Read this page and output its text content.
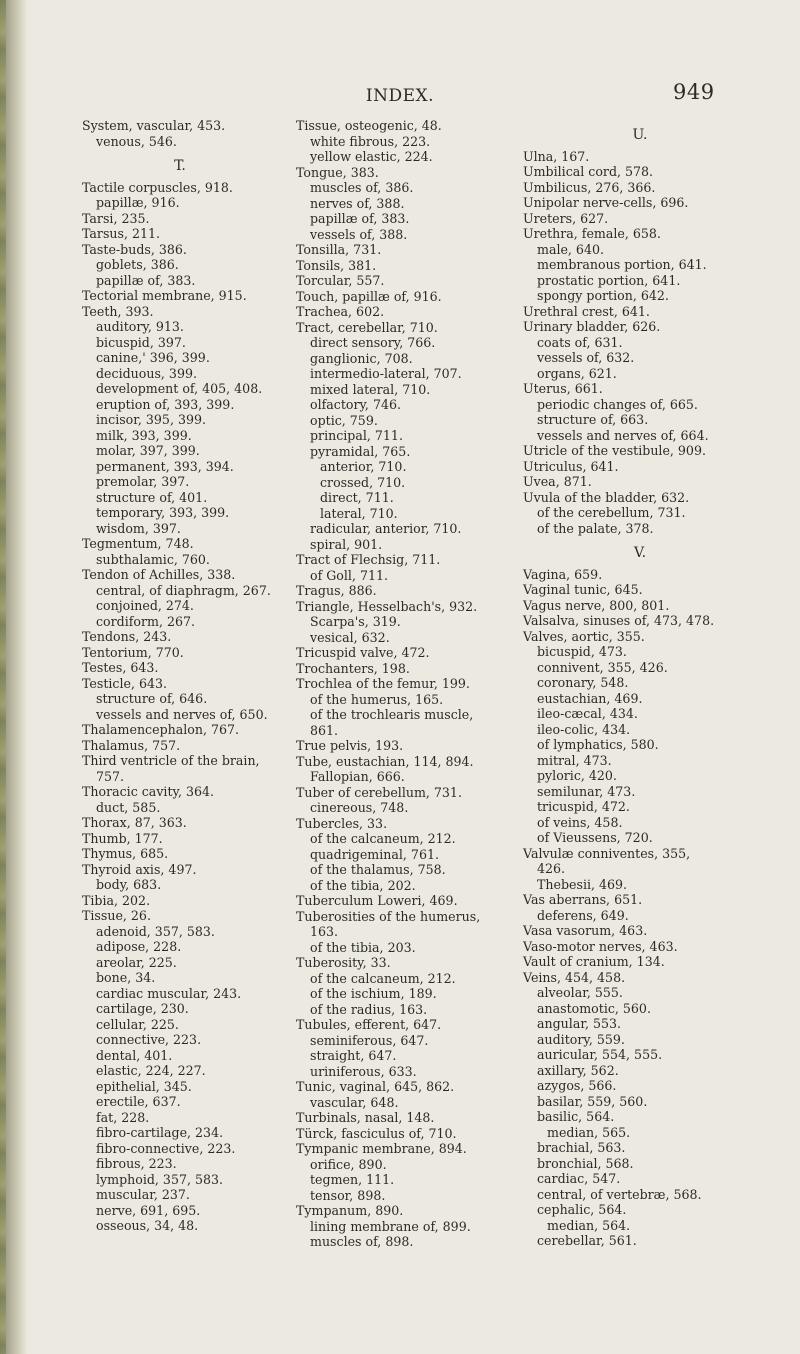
INDEX.	949

System, vascular, 453.

venous, 546.

T.

Tactile corpuscles, 918.

papillæ, 916.

Tarsi, 235.

Tarsus, 211.

Taste-buds, 386.

goblets, 386.

papillæ of, 383.

Tectorial membrane, 915.

Teeth, 393.

auditory, 913.

bicuspid, 397.

canine,' 396, 399.

deciduous, 399.

development of, 405, 408.

eruption of, 393, 399.

incisor, 395, 399.

milk, 393, 399.

molar, 397, 399.

permanent, 393, 394.

premolar, 397.

structure of, 401.

temporary, 393, 399.

wisdom, 397.

Tegmentum, 748.

subthalamic, 760.

Tendon of Achilles, 338.

central, of diaphragm, 267.

conjoined, 274.

cordiform, 267.

Tendons, 243.

Tentorium, 770.

Testes, 643.

Testicle, 643.

structure of, 646.

vessels and nerves of, 650.

Thalamencephalon, 767.

Thalamus, 757.

Third ventricle of the brain,

757.

Thoracic cavity, 364.

duct, 585.

Thorax, 87, 363.

Thumb, 177.

Thymus, 685.

Thyroid axis, 497.

body, 683.

Tibia, 202.

Tissue, 26.

adenoid, 357, 583.

adipose, 228.

areolar, 225.

bone, 34.

cardiac muscular, 243.

cartilage, 230.

cellular, 225.

connective, 223.

dental, 401.

elastic, 224, 227.

epithelial, 345.

erectile, 637.

fat, 228.

fibro-cartilage, 234.

fibro-connective, 223.

fibrous, 223.

lymphoid, 357, 583.

muscular, 237.

nerve, 691, 695.

osseous, 34, 48.

Tissue, osteogenic, 48.

white fibrous, 223.

yellow elastic, 224.

Tongue, 383.

muscles of, 386.

nerves of, 388.

papillæ of, 383.

vessels of, 388.

Tonsilla, 731.

Tonsils, 381.

Torcular, 557.

Touch, papillæ of, 916.

Trachea, 602.

Tract, cerebellar, 710.

direct sensory, 766.

ganglionic, 708.

intermedio-lateral, 707.

mixed lateral, 710.

olfactory, 746.

optic, 759.

principal, 711.

pyramidal, 765.

anterior, 710.

crossed, 710.

direct, 711.

lateral, 710.

radicular, anterior, 710.

spiral, 901.

Tract of Flechsig, 711.

of Goll, 711.

Tragus, 886.

Triangle, Hesselbach's, 932.

Scarpa's, 319.

vesical, 632.

Tricuspid valve, 472.

Trochanters, 198.

Trochlea of the femur, 199.

of the humerus, 165.

of the trochlearis muscle,

861.

True pelvis, 193.

Tube, eustachian, 114, 894.

Fallopian, 666.

Tuber of cerebellum, 731.

cinereous, 748.

Tubercles, 33.

of the calcaneum, 212.

quadrigeminal, 761.

of the thalamus, 758.

of the tibia, 202.

Tuberculum Loweri, 469.

Tuberosities of the humerus,

163.

of the tibia, 203.

Tuberosity, 33.

of the calcaneum, 212.

of the ischium, 189.

of the radius, 163.

Tubules, efferent, 647.

seminiferous, 647.

straight, 647.

uriniferous, 633.

Tunic, vaginal, 645, 862.

vascular, 648.

Turbinals, nasal, 148.

Türck, fasciculus of, 710.

Tympanic membrane, 894.

orifice, 890.

tegmen, 111.

tensor, 898.

Tympanum, 890.

lining membrane of, 899.

muscles of, 898.

U.

Ulna, 167.

Umbilical cord, 578.

Umbilicus, 276, 366.

Unipolar nerve-cells, 696.

Ureters, 627.

Urethra, female, 658.

male, 640.

membranous portion, 641.

prostatic portion, 641.

spongy portion, 642.

Urethral crest, 641.

Urinary bladder, 626.

coats of, 631.

vessels of, 632.

organs, 621.

Uterus, 661.

periodic changes of, 665.

structure of, 663.

vessels and nerves of, 664.

Utricle of the vestibule, 909.

Utriculus, 641.

Uvea, 871.

Uvula of the bladder, 632.

of the cerebellum, 731.

of the palate, 378.

V.

Vagina, 659.

Vaginal tunic, 645.

Vagus nerve, 800, 801.

Valsalva, sinuses of, 473, 478.

Valves, aortic, 355.

bicuspid, 473.

connivent, 355, 426.

coronary, 548.

eustachian, 469.

ileo-cæcal, 434.

ileo-colic, 434.

of lymphatics, 580.

mitral, 473.

pyloric, 420.

semilunar, 473.

tricuspid, 472.

of veins, 458.

of Vieussens, 720.

Valvulæ conniventes, 355,

426.

Thebesii, 469.

Vas aberrans, 651.

deferens, 649.

Vasa vasorum, 463.

Vaso-motor nerves, 463.

Vault of cranium, 134.

Veins, 454, 458.

alveolar, 555.

anastomotic, 560.

angular, 553.

auditory, 559.

auricular, 554, 555.

axillary, 562.

azygos, 566.

basilar, 559, 560.

basilic, 564.

median, 565.

brachial, 563.

bronchial, 568.

cardiac, 547.

central, of vertebræ, 568.

cephalic, 564.

median, 564.

cerebellar, 561.
